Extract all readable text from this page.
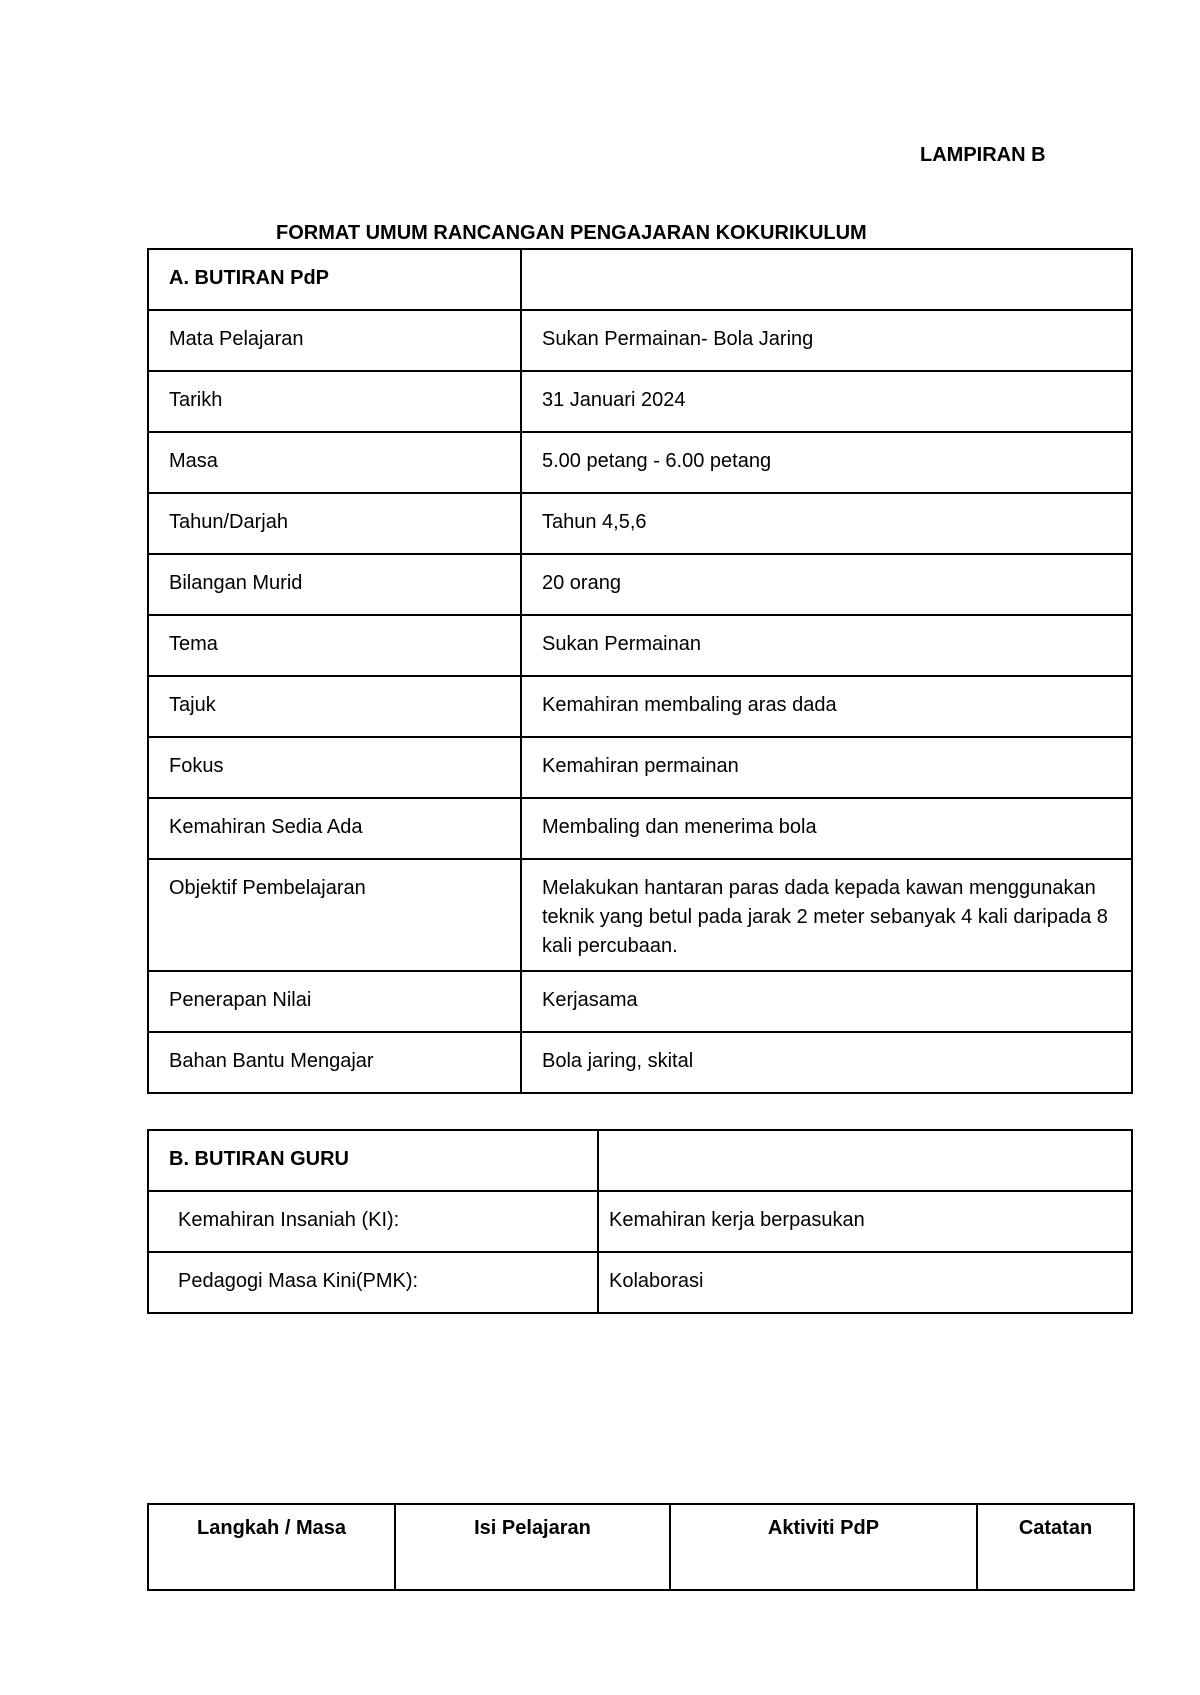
LAMPIRAN B
FORMAT UMUM RANCANGAN PENGAJARAN KOKURIKULUM
A. BUTIRAN PdP	
Mata Pelajaran	Sukan Permainan- Bola Jaring
Tarikh	31 Januari 2024
Masa	5.00 petang - 6.00 petang
Tahun/Darjah	Tahun 4,5,6
Bilangan Murid	20 orang
Tema	Sukan Permainan
Tajuk	Kemahiran membaling aras dada
Fokus	Kemahiran permainan
Kemahiran Sedia Ada	Membaling dan menerima bola
Objektif Pembelajaran	Melakukan hantaran paras dada kepada kawan menggunakan teknik yang betul pada jarak 2 meter sebanyak 4 kali daripada 8 kali percubaan.
Penerapan Nilai	Kerjasama
Bahan Bantu Mengajar	Bola jaring, skital
B. BUTIRAN GURU	
Kemahiran Insaniah (KI):	Kemahiran kerja berpasukan
Pedagogi Masa Kini(PMK):	Kolaborasi
Langkah / Masa	Isi Pelajaran	Aktiviti PdP	Catatan
